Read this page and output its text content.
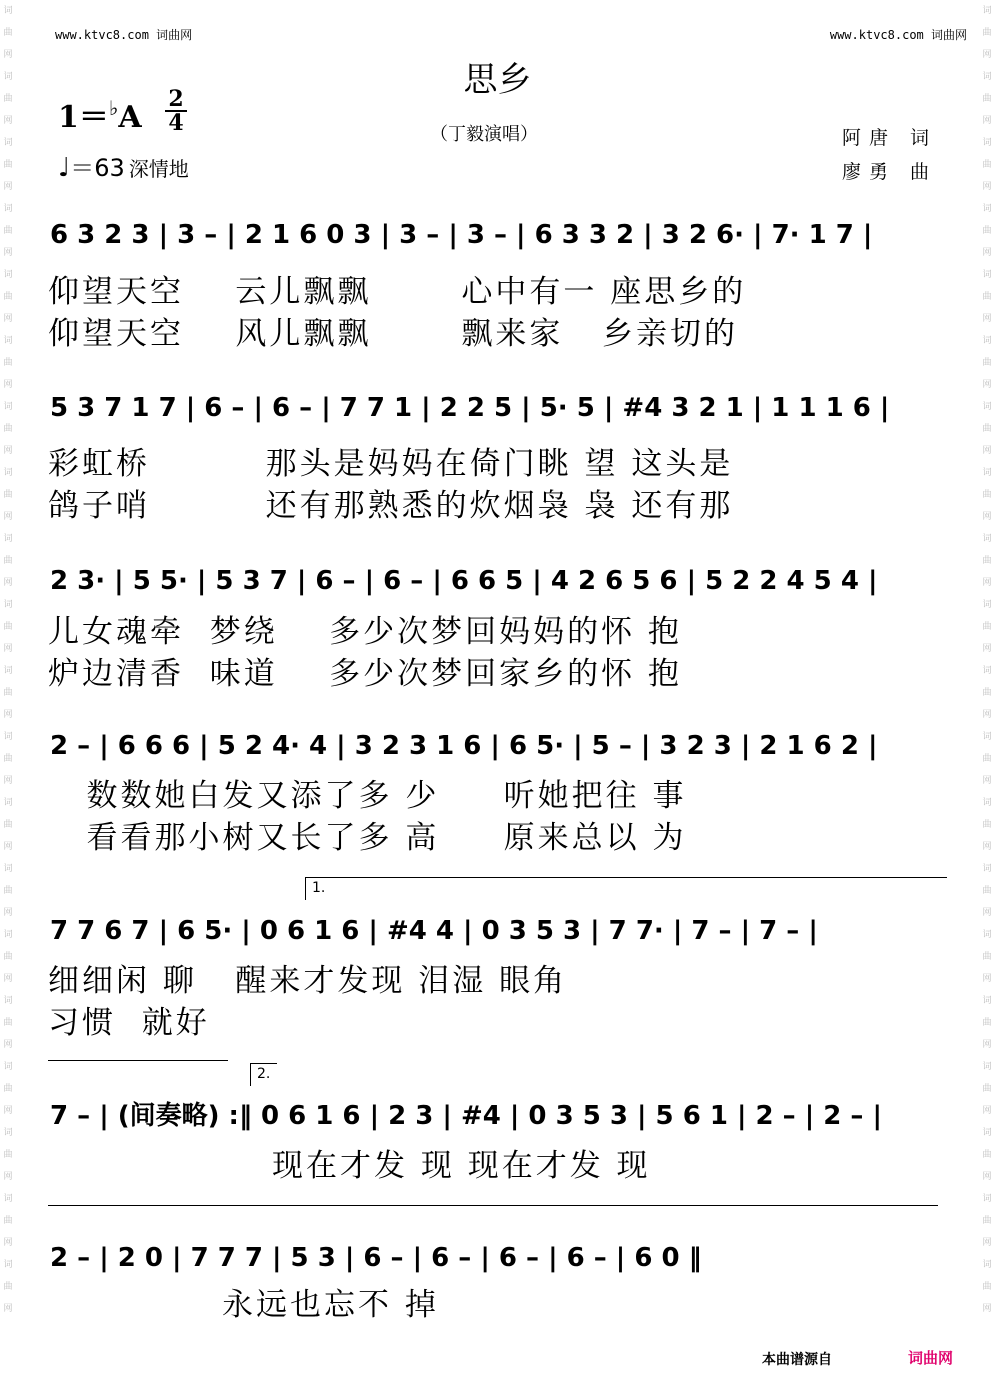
词曲网词曲网词曲网词曲网词曲网词曲网词曲网词曲网词曲网词曲网词曲网词曲网词曲网词曲网词曲网词曲网词曲网词曲网词曲网词曲网
词曲网词曲网词曲网词曲网词曲网词曲网词曲网词曲网词曲网词曲网词曲网词曲网词曲网词曲网词曲网词曲网词曲网词曲网词曲网词曲网
www.ktvc8.com 词曲网	www.ktvc8.com 词曲网
思乡
1＝♭A
2
4	（丁毅演唱）
♩＝63 深情地
阿唐 词
廖勇 曲
6 3 2 3 | 3 – | 2 1 6 0 3 | 3 – | 3 – | 6 3 3 2 | 3 2 6· | 7· 1 7 |
仰望天空    云儿飘飘       心中有一 座思乡的
仰望天空    风儿飘飘       飘来家   乡亲切的
5 3 7 1 7 | 6 – | 6 – | 7 7 1 | 2 2 5 | 5· 5 | #4 3 2 1 | 1 1 1 6 |
彩虹桥         那头是妈妈在倚门眺 望 这头是
鸽子哨         还有那熟悉的炊烟袅 袅 还有那
2 3· | 5 5· | 5 3 7 | 6 – | 6 – | 6 6 5 | 4 2 6 5 6 | 5 2 2 4 5 4 |
儿女魂牵  梦绕    多少次梦回妈妈的怀 抱
炉边清香  味道    多少次梦回家乡的怀 抱
2 – | 6 6 6 | 5 2 4· 4 | 3 2 3 1 6 | 6 5· | 5 – | 3 2 3 | 2 1 6 2 |
数数她白发又添了多 少     听她把往 事
看看那小树又长了多 高     原来总以 为
1.
7 7 6 7 | 6 5· | 0 6 1 6 | #4 4 | 0 3 5 3 | 7 7· | 7 – | 7 – |
细细闲 聊   醒来才发现 泪湿 眼角
习惯  就好
2.
7 – | (间奏略) :‖ 0 6 1 6 | 2 3 | #4 | 0 3 5 3 | 5 6 1 | 2 – | 2 – |
现在才发 现 现在才发 现
2 – | 2 0 | 7 7 7 | 5 3 | 6 – | 6 – | 6 – | 6 – | 6 0 ‖
永远也忘不 掉
本曲谱源自	词曲网
